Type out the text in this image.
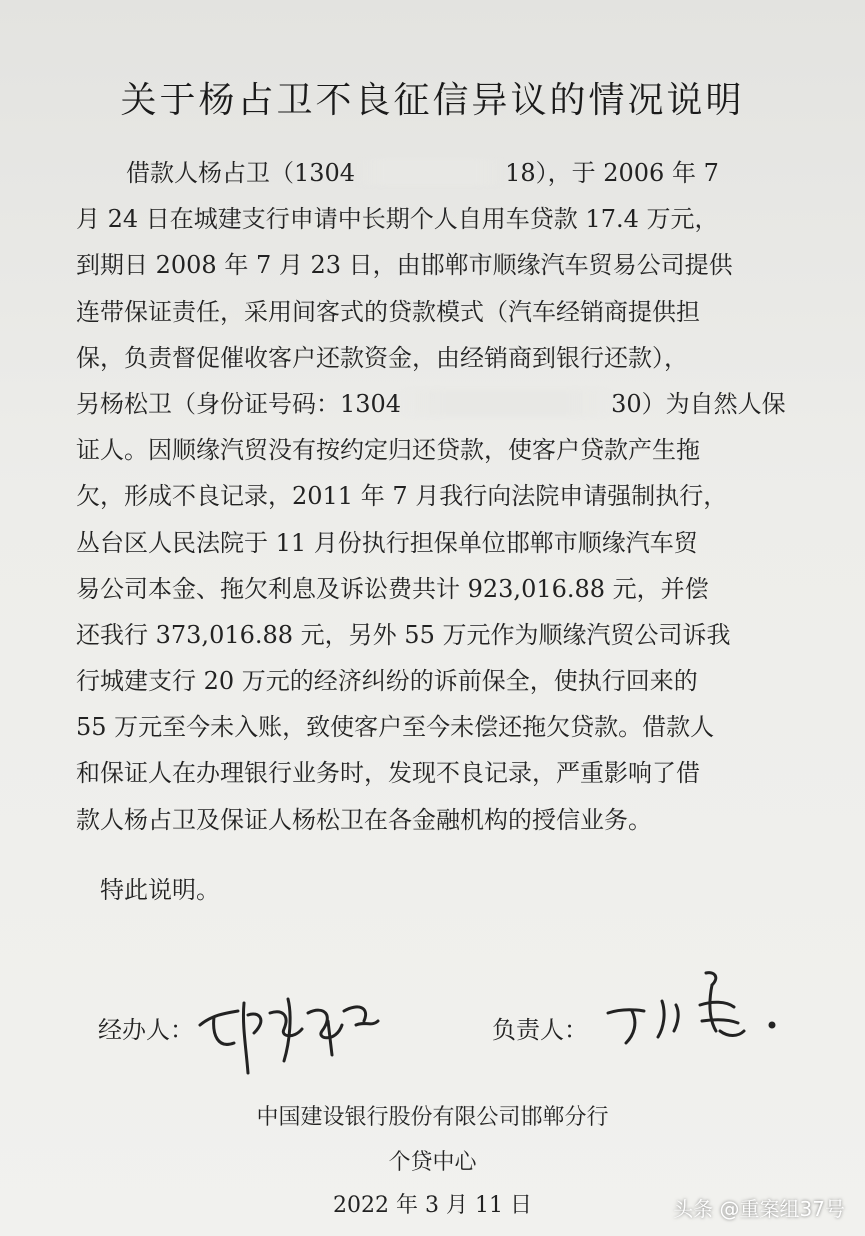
关于杨占卫不良征信异议的情况说明
借款人杨占卫（1304	18），于 2006 年 7
月 24 日在城建支行申请中长期个人自用车贷款 17.4 万元，
到期日 2008 年 7 月 23 日，由邯郸市顺缘汽车贸易公司提供
连带保证责任，采用间客式的贷款模式（汽车经销商提供担
保，负责督促催收客户还款资金，由经销商到银行还款），
另杨松卫（身份证号码：1304	30）为自然人保
证人。因顺缘汽贸没有按约定归还贷款，使客户贷款产生拖
欠，形成不良记录，2011 年 7 月我行向法院申请强制执行，
丛台区人民法院于 11 月份执行担保单位邯郸市顺缘汽车贸
易公司本金、拖欠利息及诉讼费共计 923,016.88 元，并偿
还我行 373,016.88 元，另外 55 万元作为顺缘汽贸公司诉我
行城建支行 20 万元的经济纠纷的诉前保全，使执行回来的
55 万元至今未入账，致使客户至今未偿还拖欠贷款。借款人
和保证人在办理银行业务时，发现不良记录，严重影响了借
款人杨占卫及保证人杨松卫在各金融机构的授信业务。
特此说明。
经办人：	负责人：
中国建设银行股份有限公司邯郸分行
个贷中心
2022 年 3 月 11 日	头条 @重案组37号
